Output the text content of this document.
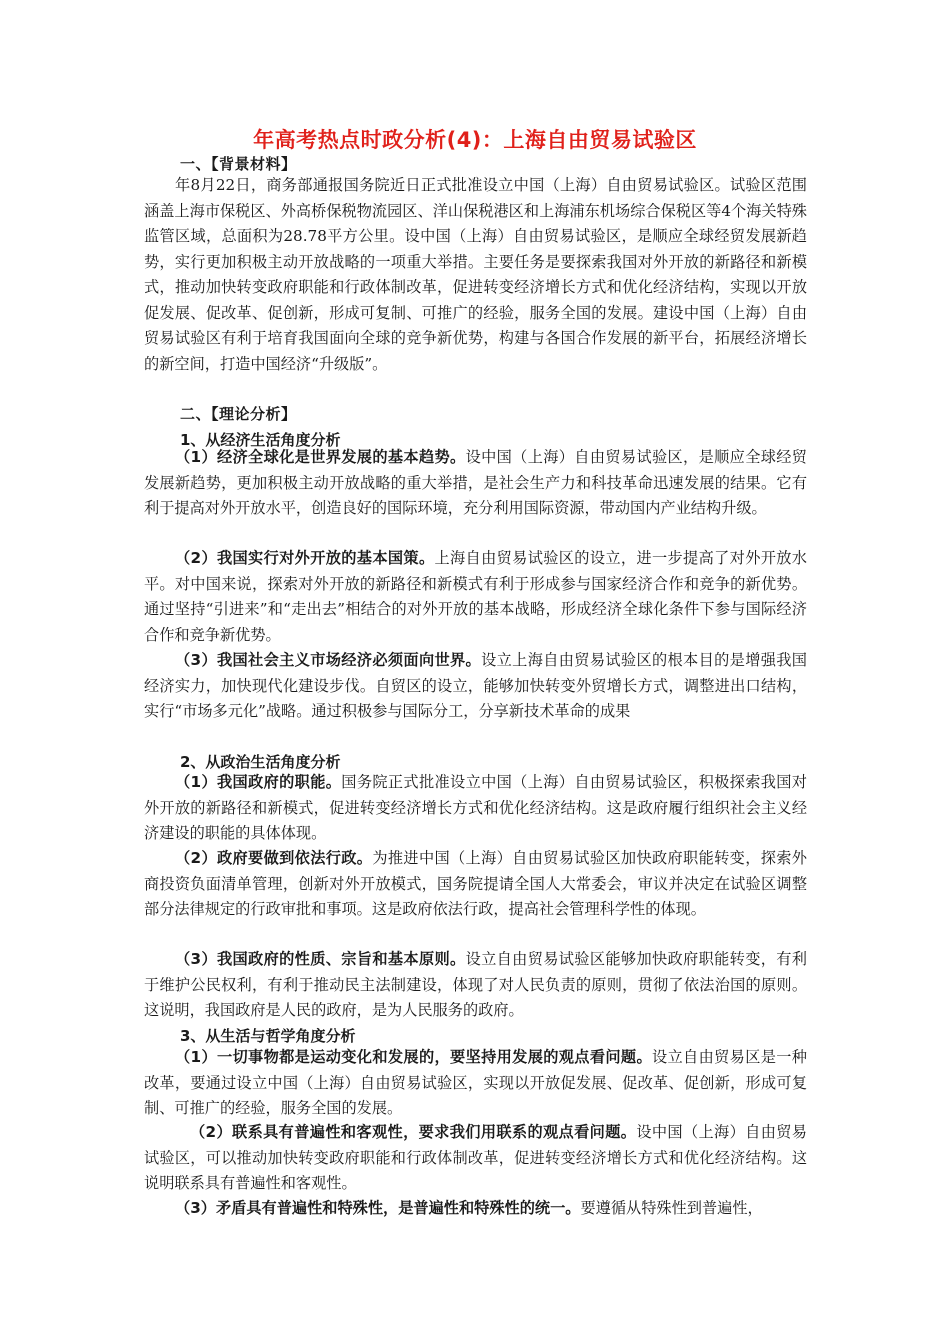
年高考热点时政分析(4)：上海自由贸易试验区
一、【背景材料】

年8月22日，商务部通报国务院近日正式批准设立中国（上海）自由贸易试验区。试验区范围涵盖上海市保税区、外高桥保税物流园区、洋山保税港区和上海浦东机场综合保税区等4个海关特殊监管区域，总面积为28.78平方公里。设中国（上海）自由贸易试验区，是顺应全球经贸发展新趋势，实行更加积极主动开放战略的一项重大举措。主要任务是要探索我国对外开放的新路径和新模式，推动加快转变政府职能和行政体制改革，促进转变经济增长方式和优化经济结构，实现以开放促发展、促改革、促创新，形成可复制、可推广的经验，服务全国的发展。建设中国（上海）自由贸易试验区有利于培育我国面向全球的竞争新优势，构建与各国合作发展的新平台，拓展经济增长的新空间，打造中国经济“升级版”。

二、【理论分析】
1、从经济生活角度分析

（1）经济全球化是世界发展的基本趋势。设中国（上海）自由贸易试验区，是顺应全球经贸发展新趋势，更加积极主动开放战略的重大举措，是社会生产力和科技革命迅速发展的结果。它有利于提高对外开放水平，创造良好的国际环境，充分利用国际资源，带动国内产业结构升级。

（2）我国实行对外开放的基本国策。上海自由贸易试验区的设立，进一步提高了对外开放水平。对中国来说，探索对外开放的新路径和新模式有利于形成参与国家经济合作和竞争的新优势。通过坚持“引进来”和“走出去”相结合的对外开放的基本战略，形成经济全球化条件下参与国际经济合作和竞争新优势。

（3）我国社会主义市场经济必须面向世界。设立上海自由贸易试验区的根本目的是增强我国经济实力，加快现代化建设步伐。自贸区的设立，能够加快转变外贸增长方式，调整进出口结构，实行“市场多元化”战略。通过积极参与国际分工，分享新技术革命的成果

2、从政治生活角度分析

（1）我国政府的职能。国务院正式批准设立中国（上海）自由贸易试验区，积极探索我国对外开放的新路径和新模式，促进转变经济增长方式和优化经济结构。这是政府履行组织社会主义经济建设的职能的具体体现。

（2）政府要做到依法行政。为推进中国（上海）自由贸易试验区加快政府职能转变，探索外商投资负面清单管理，创新对外开放模式，国务院提请全国人大常委会，审议并决定在试验区调整部分法律规定的行政审批和事项。这是政府依法行政，提高社会管理科学性的体现。

（3）我国政府的性质、宗旨和基本原则。设立自由贸易试验区能够加快政府职能转变，有利于维护公民权利，有利于推动民主法制建设，体现了对人民负责的原则，贯彻了依法治国的原则。这说明，我国政府是人民的政府，是为人民服务的政府。

3、从生活与哲学角度分析

（1）一切事物都是运动变化和发展的，要坚持用发展的观点看问题。设立自由贸易区是一种改革，要通过设立中国（上海）自由贸易试验区，实现以开放促发展、促改革、促创新，形成可复制、可推广的经验，服务全国的发展。

（2）联系具有普遍性和客观性，要求我们用联系的观点看问题。设中国（上海）自由贸易试验区，可以推动加快转变政府职能和行政体制改革，促进转变经济增长方式和优化经济结构。这说明联系具有普遍性和客观性。

（3）矛盾具有普遍性和特殊性，是普遍性和特殊性的统一。要遵循从特殊性到普遍性，
